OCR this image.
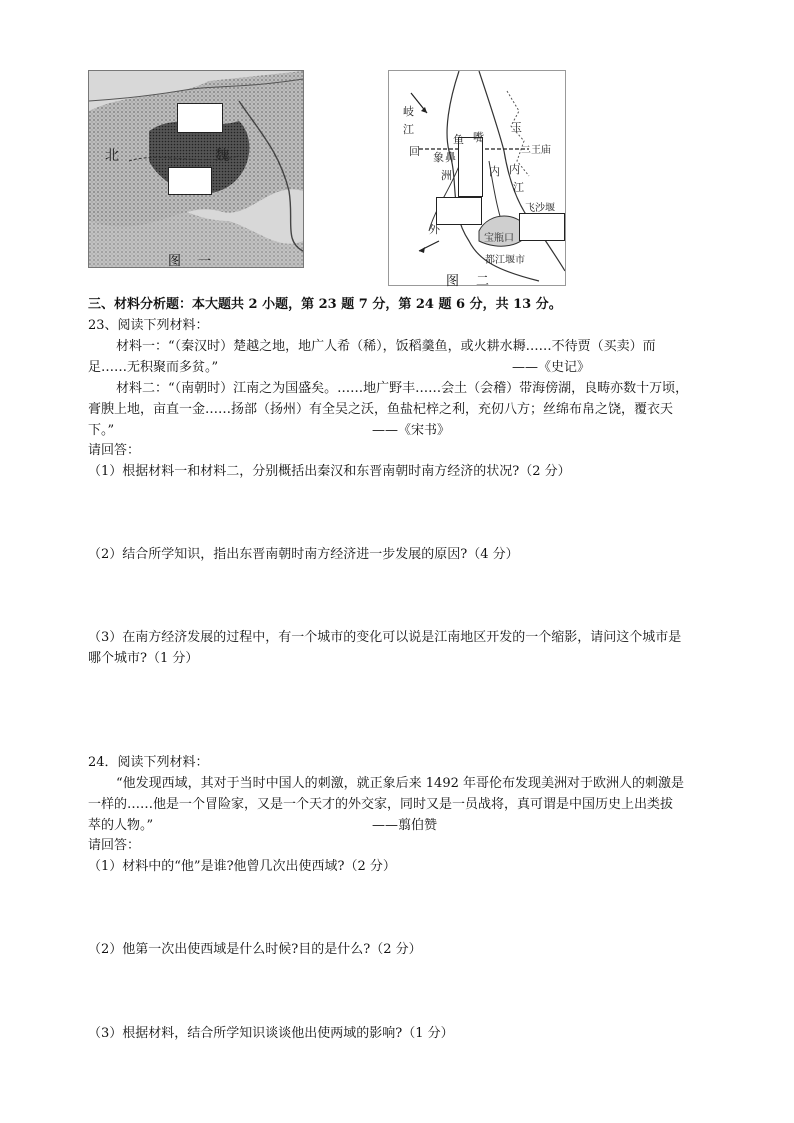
北	魏
图　一
岐
江
回 象 鼻
洲
鱼 嘴
玉
二王庙
内
江
内
外
宝瓶口
飞沙堰
都江堰市
图　二
三、材料分析题：本大题共 2 小题，第 23 题 7 分，第 24 题 6 分，共 13 分。
23、阅读下列材料：
材料一：“（秦汉时）楚越之地，地广人希（稀），饭稻羹鱼，或火耕水耨……不待贾（买卖）而
足……无积聚而多贫。”	——《史记》
材料二：“（南朝时）江南之为国盛矣。……地广野丰……会土（会稽）带海傍湖，良畴亦数十万顷，
膏腴上地，亩直一金……扬部（扬州）有全吴之沃，鱼盐杞梓之利，充仞八方；丝绵布帛之饶，覆衣天
下。”	——《宋书》
请回答：
（1）根据材料一和材料二，分别概括出秦汉和东晋南朝时南方经济的状况?（2 分）
（2）结合所学知识，指出东晋南朝时南方经济进一步发展的原因?（4 分）
（3）在南方经济发展的过程中，有一个城市的变化可以说是江南地区开发的一个缩影，请问这个城市是
哪个城市?（1 分）
24．阅读下列材料：
“他发现西域，其对于当时中国人的刺激，就正象后来 1492 年哥伦布发现美洲对于欧洲人的刺激是
一样的……他是一个冒险家，又是一个天才的外交家，同时又是一员战将，真可谓是中国历史上出类拔
萃的人物。”	——翦伯赞
请回答：
（1）材料中的“他”是谁?他曾几次出使西域?（2 分）
（2）他第一次出使西域是什么时候?目的是什么?（2 分）
（3）根据材料，结合所学知识谈谈他出使两域的影响?（1 分）
